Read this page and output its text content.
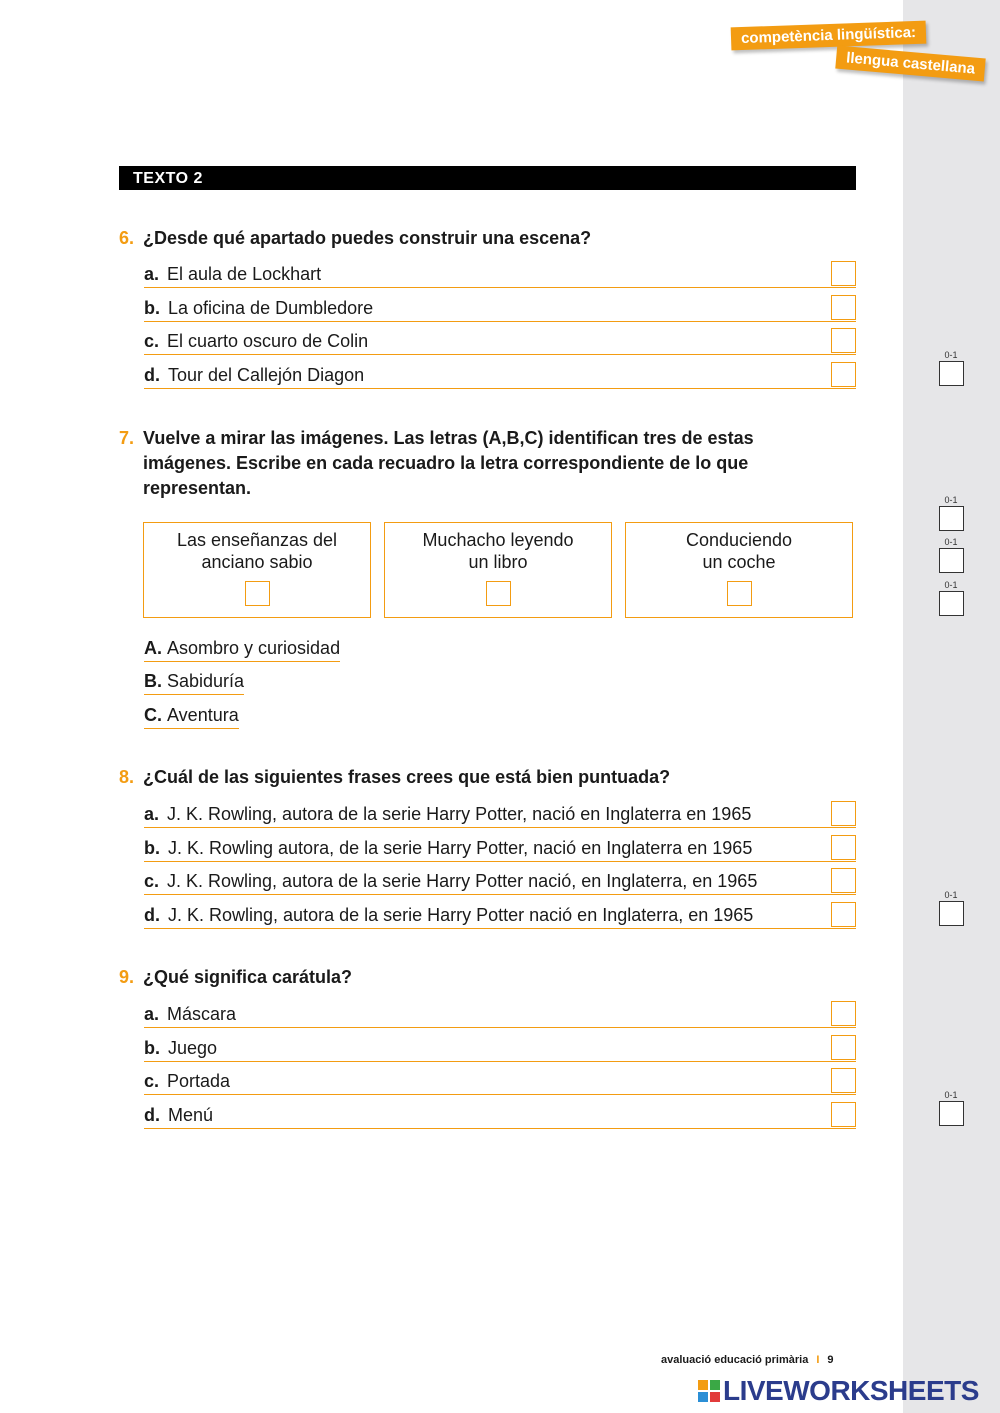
competència lingüística:
llengua castellana
TEXTO 2
6. ¿Desde qué apartado puedes construir una escena?
a. El aula de Lockhart
b. La oficina de Dumbledore
c. El cuarto oscuro de Colin
d. Tour del Callejón Diagon
7. Vuelve a mirar las imágenes. Las letras (A,B,C) identifican tres de estas imágenes. Escribe en cada recuadro la letra correspondiente de lo que representan.
Las enseñanzas del
anciano sabio
Muchacho leyendo
un libro
Conduciendo
un coche
A. Asombro y curiosidad
B. Sabiduría
C. Aventura
8. ¿Cuál de las siguientes frases crees que está bien puntuada?
a. J. K. Rowling, autora de la serie Harry Potter, nació en Inglaterra en 1965
b. J. K. Rowling autora, de la serie Harry Potter, nació en Inglaterra en 1965
c. J. K. Rowling, autora de la serie Harry Potter nació, en Inglaterra, en 1965
d. J. K. Rowling, autora de la serie Harry Potter nació en Inglaterra, en 1965
9. ¿Qué significa carátula?
a. Máscara
b. Juego
c. Portada
d. Menú
0-1
0-1
0-1
0-1
0-1
0-1
avaluació educació primària I 9
LIVEWORKSHEETS
